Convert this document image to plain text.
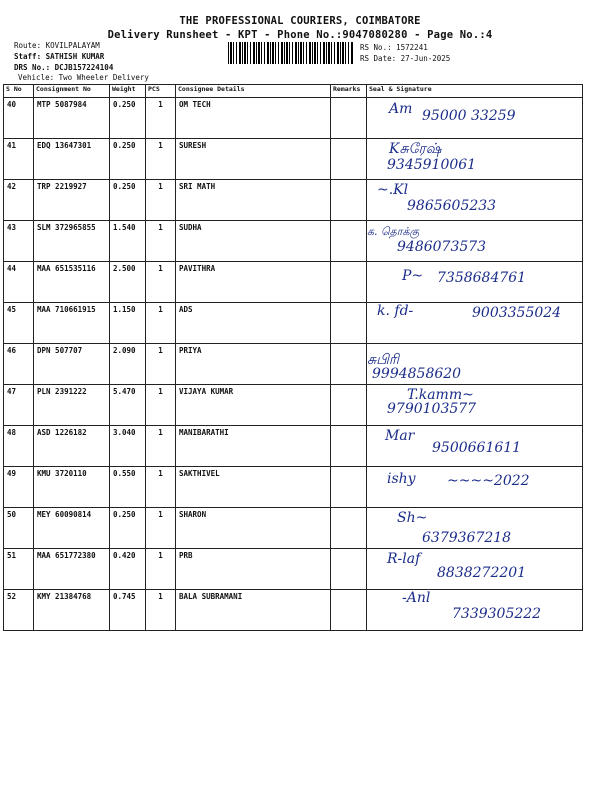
THE PROFESSIONAL COURIERS, COIMBATORE
Delivery Runsheet - KPT - Phone No.:9047080280 - Page No.:4
Route: KOVILPALAYAM
Staff: SATHISH KUMAR
DRS No.: DCJB157224104
Vehicle: Two Wheeler Delivery
RS No.: 1572241
RS Date: 27-Jun-2025
S No	Consignment No	Weight	PCS	Consignee Details	Remarks	Seal & Signature

40	MTP 5087984	0.250	1	OM TECH		Am 95000 33259

41	EDQ 13647301	0.250	1	SURESH		Kசுரேஷ்
9345910061

42	TRP 2219927	0.250	1	SRI MATH		~.Kl
9865605233

43	SLM 372965855	1.540	1	SUDHA		க. தொக்கு
9486073573

44	MAA 651535116	2.500	1	PAVITHRA		P~ 7358684761

45	MAA 710661915	1.150	1	ADS		k. fd- 9003355024

46	DPN 507707	2.090	1	PRIYA		சுபிரி
9994858620

47	PLN 2391222	5.470	1	VIJAYA KUMAR		T.kamm~
9790103577

48	ASD 1226182	3.040	1	MANIBARATHI		Mar
9500661611

49	KMU 3720110	0.550	1	SAKTHIVEL		ishy ~~~~2022

50	MEY 60090814	0.250	1	SHARON		Sh~
6379367218

51	MAA 651772380	0.420	1	PRB		R-laf
8838272201

52	KMY 21384768	0.745	1	BALA SUBRAMANI		-Anl
7339305222
